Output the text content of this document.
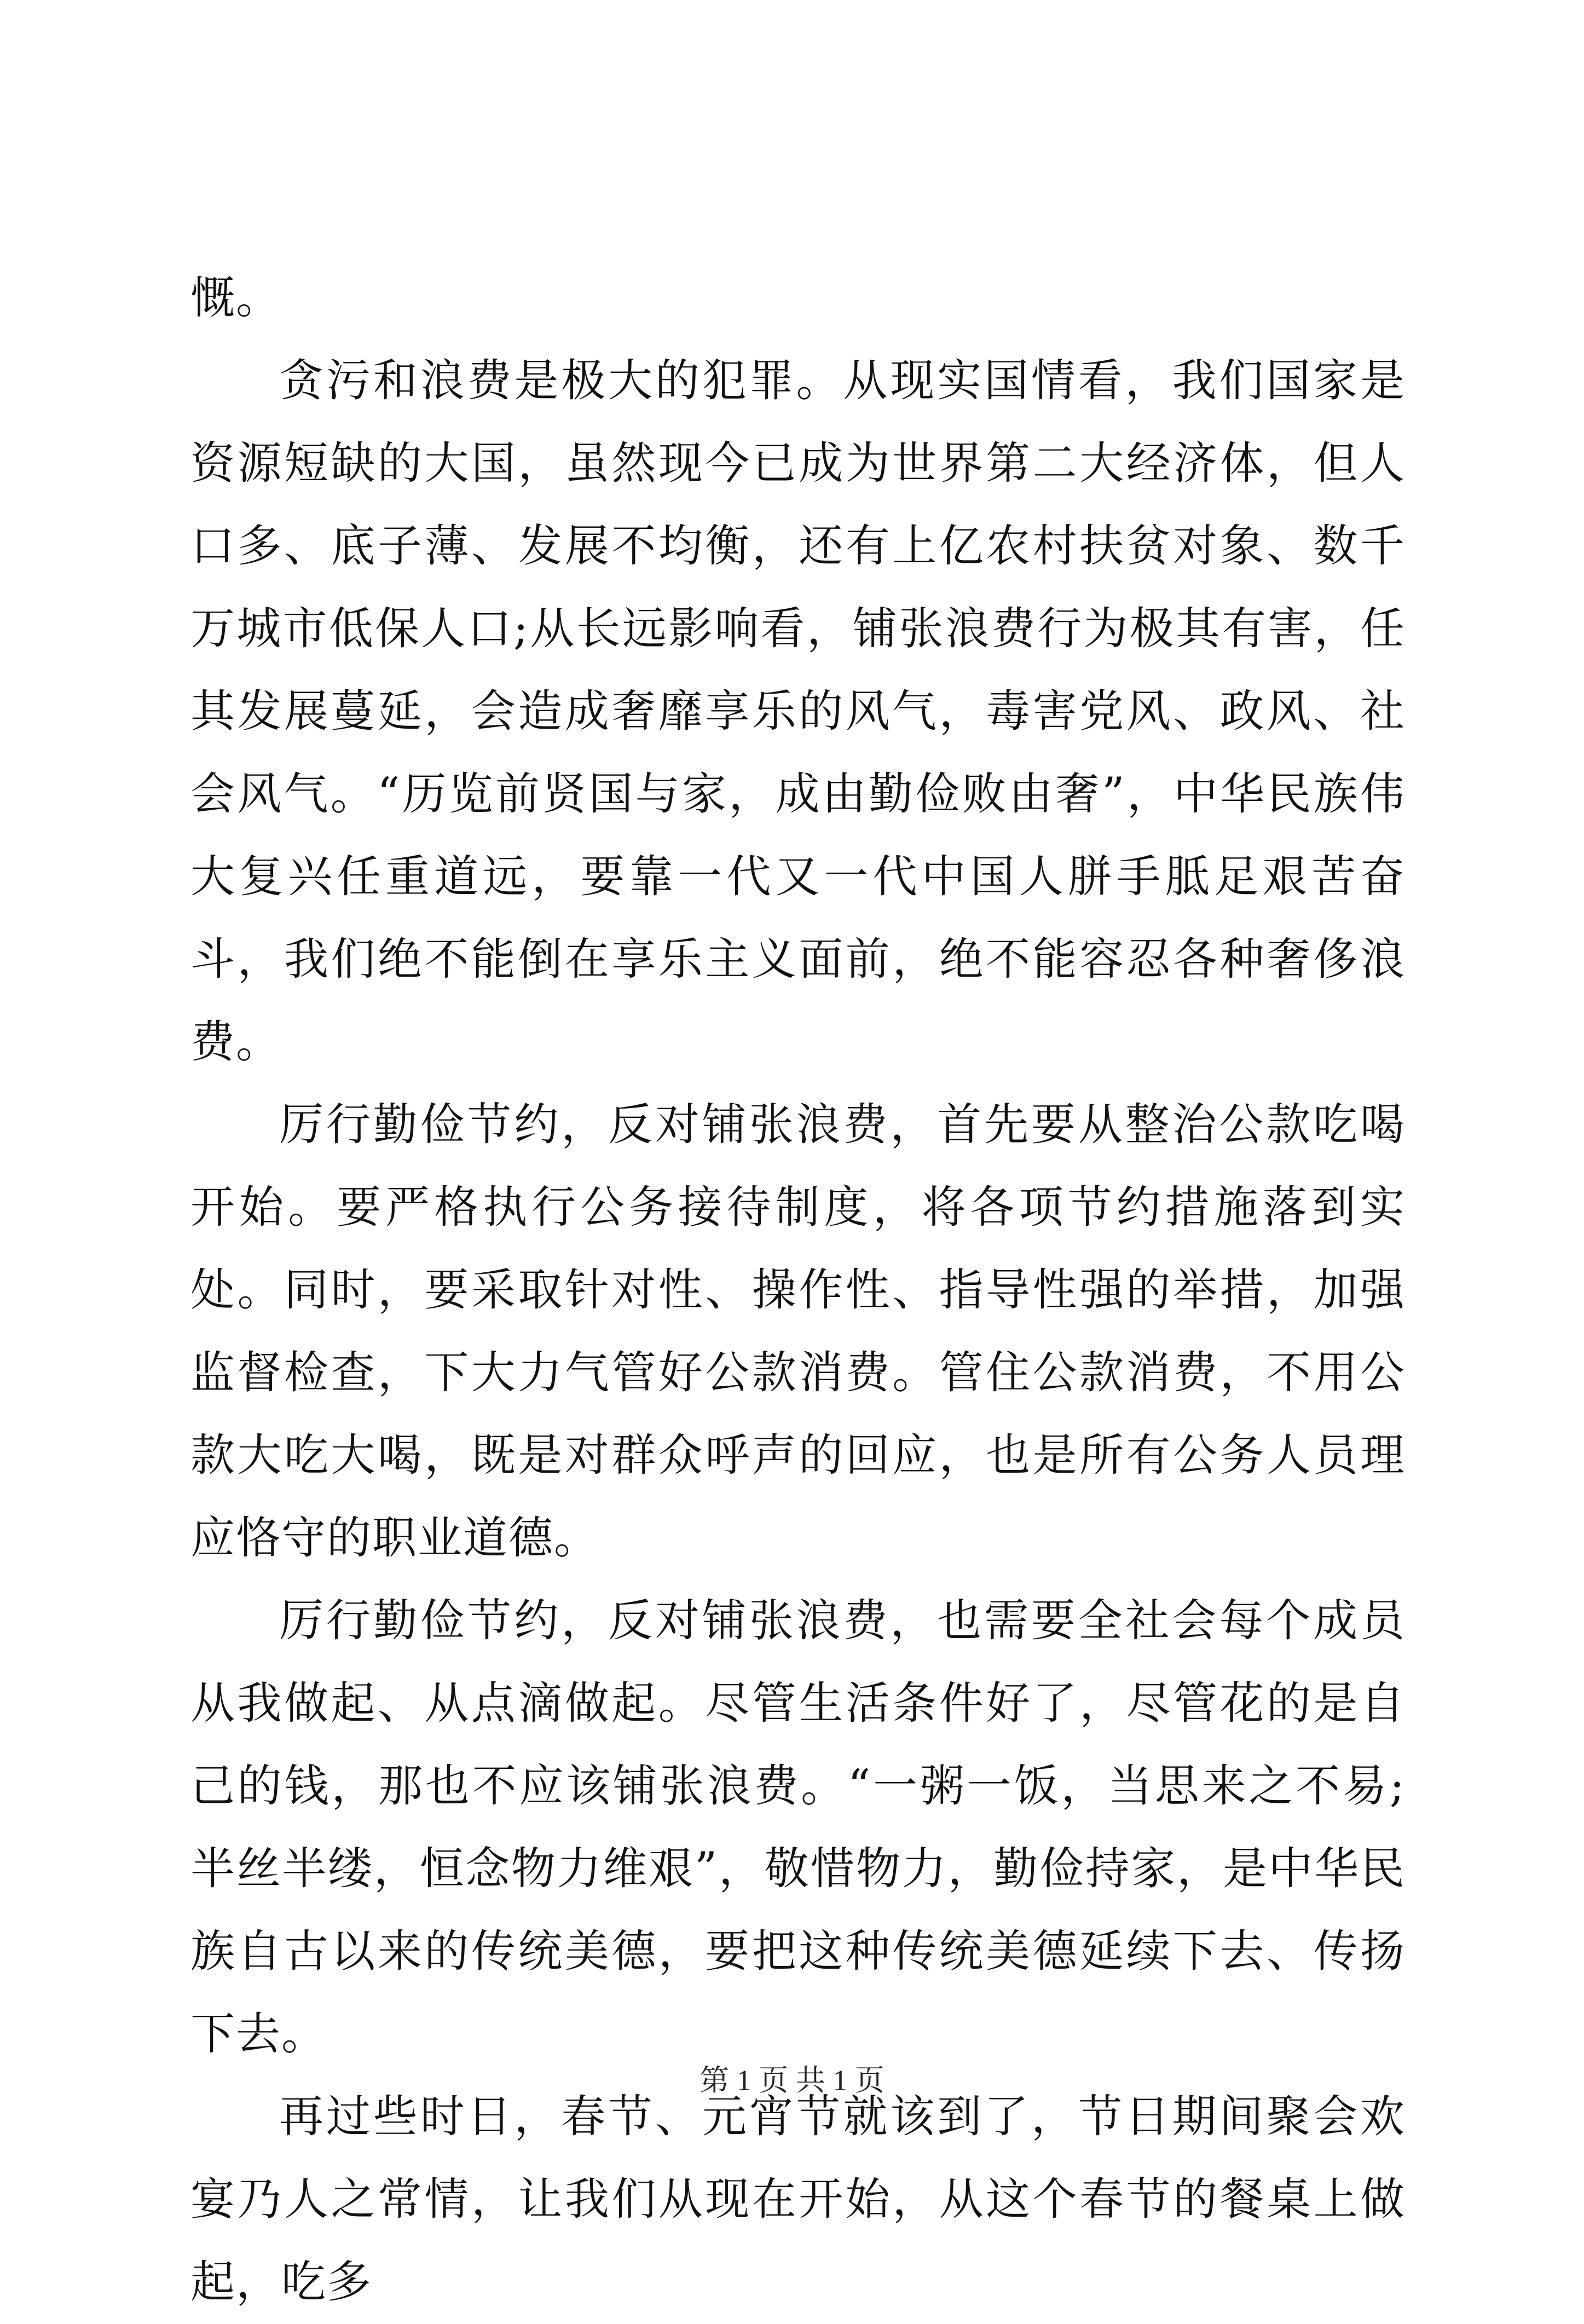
慨。

贪污和浪费是极大的犯罪。从现实国情看，我们国家是资源短缺的大国，虽然现今已成为世界第二大经济体，但人口多、底子薄、发展不均衡，还有上亿农村扶贫对象、数千万城市低保人口;从长远影响看，铺张浪费行为极其有害，任其发展蔓延，会造成奢靡享乐的风气，毒害党风、政风、社会风气。“历览前贤国与家，成由勤俭败由奢”，中华民族伟大复兴任重道远，要靠一代又一代中国人胼手胝足艰苦奋斗，我们绝不能倒在享乐主义面前，绝不能容忍各种奢侈浪费。

厉行勤俭节约，反对铺张浪费，首先要从整治公款吃喝开始。要严格执行公务接待制度，将各项节约措施落到实处。同时，要采取针对性、操作性、指导性强的举措，加强监督检查，下大力气管好公款消费。管住公款消费，不用公款大吃大喝，既是对群众呼声的回应，也是所有公务人员理应恪守的职业道德。

厉行勤俭节约，反对铺张浪费，也需要全社会每个成员从我做起、从点滴做起。尽管生活条件好了，尽管花的是自己的钱，那也不应该铺张浪费。“一粥一饭，当思来之不易;半丝半缕，恒念物力维艰”，敬惜物力，勤俭持家，是中华民族自古以来的传统美德，要把这种传统美德延续下去、传扬下去。

再过些时日，春节、元宵节就该到了，节日期间聚会欢宴乃人之常情，让我们从现在开始，从这个春节的餐桌上做起，吃多

第 1 页 共 1 页
